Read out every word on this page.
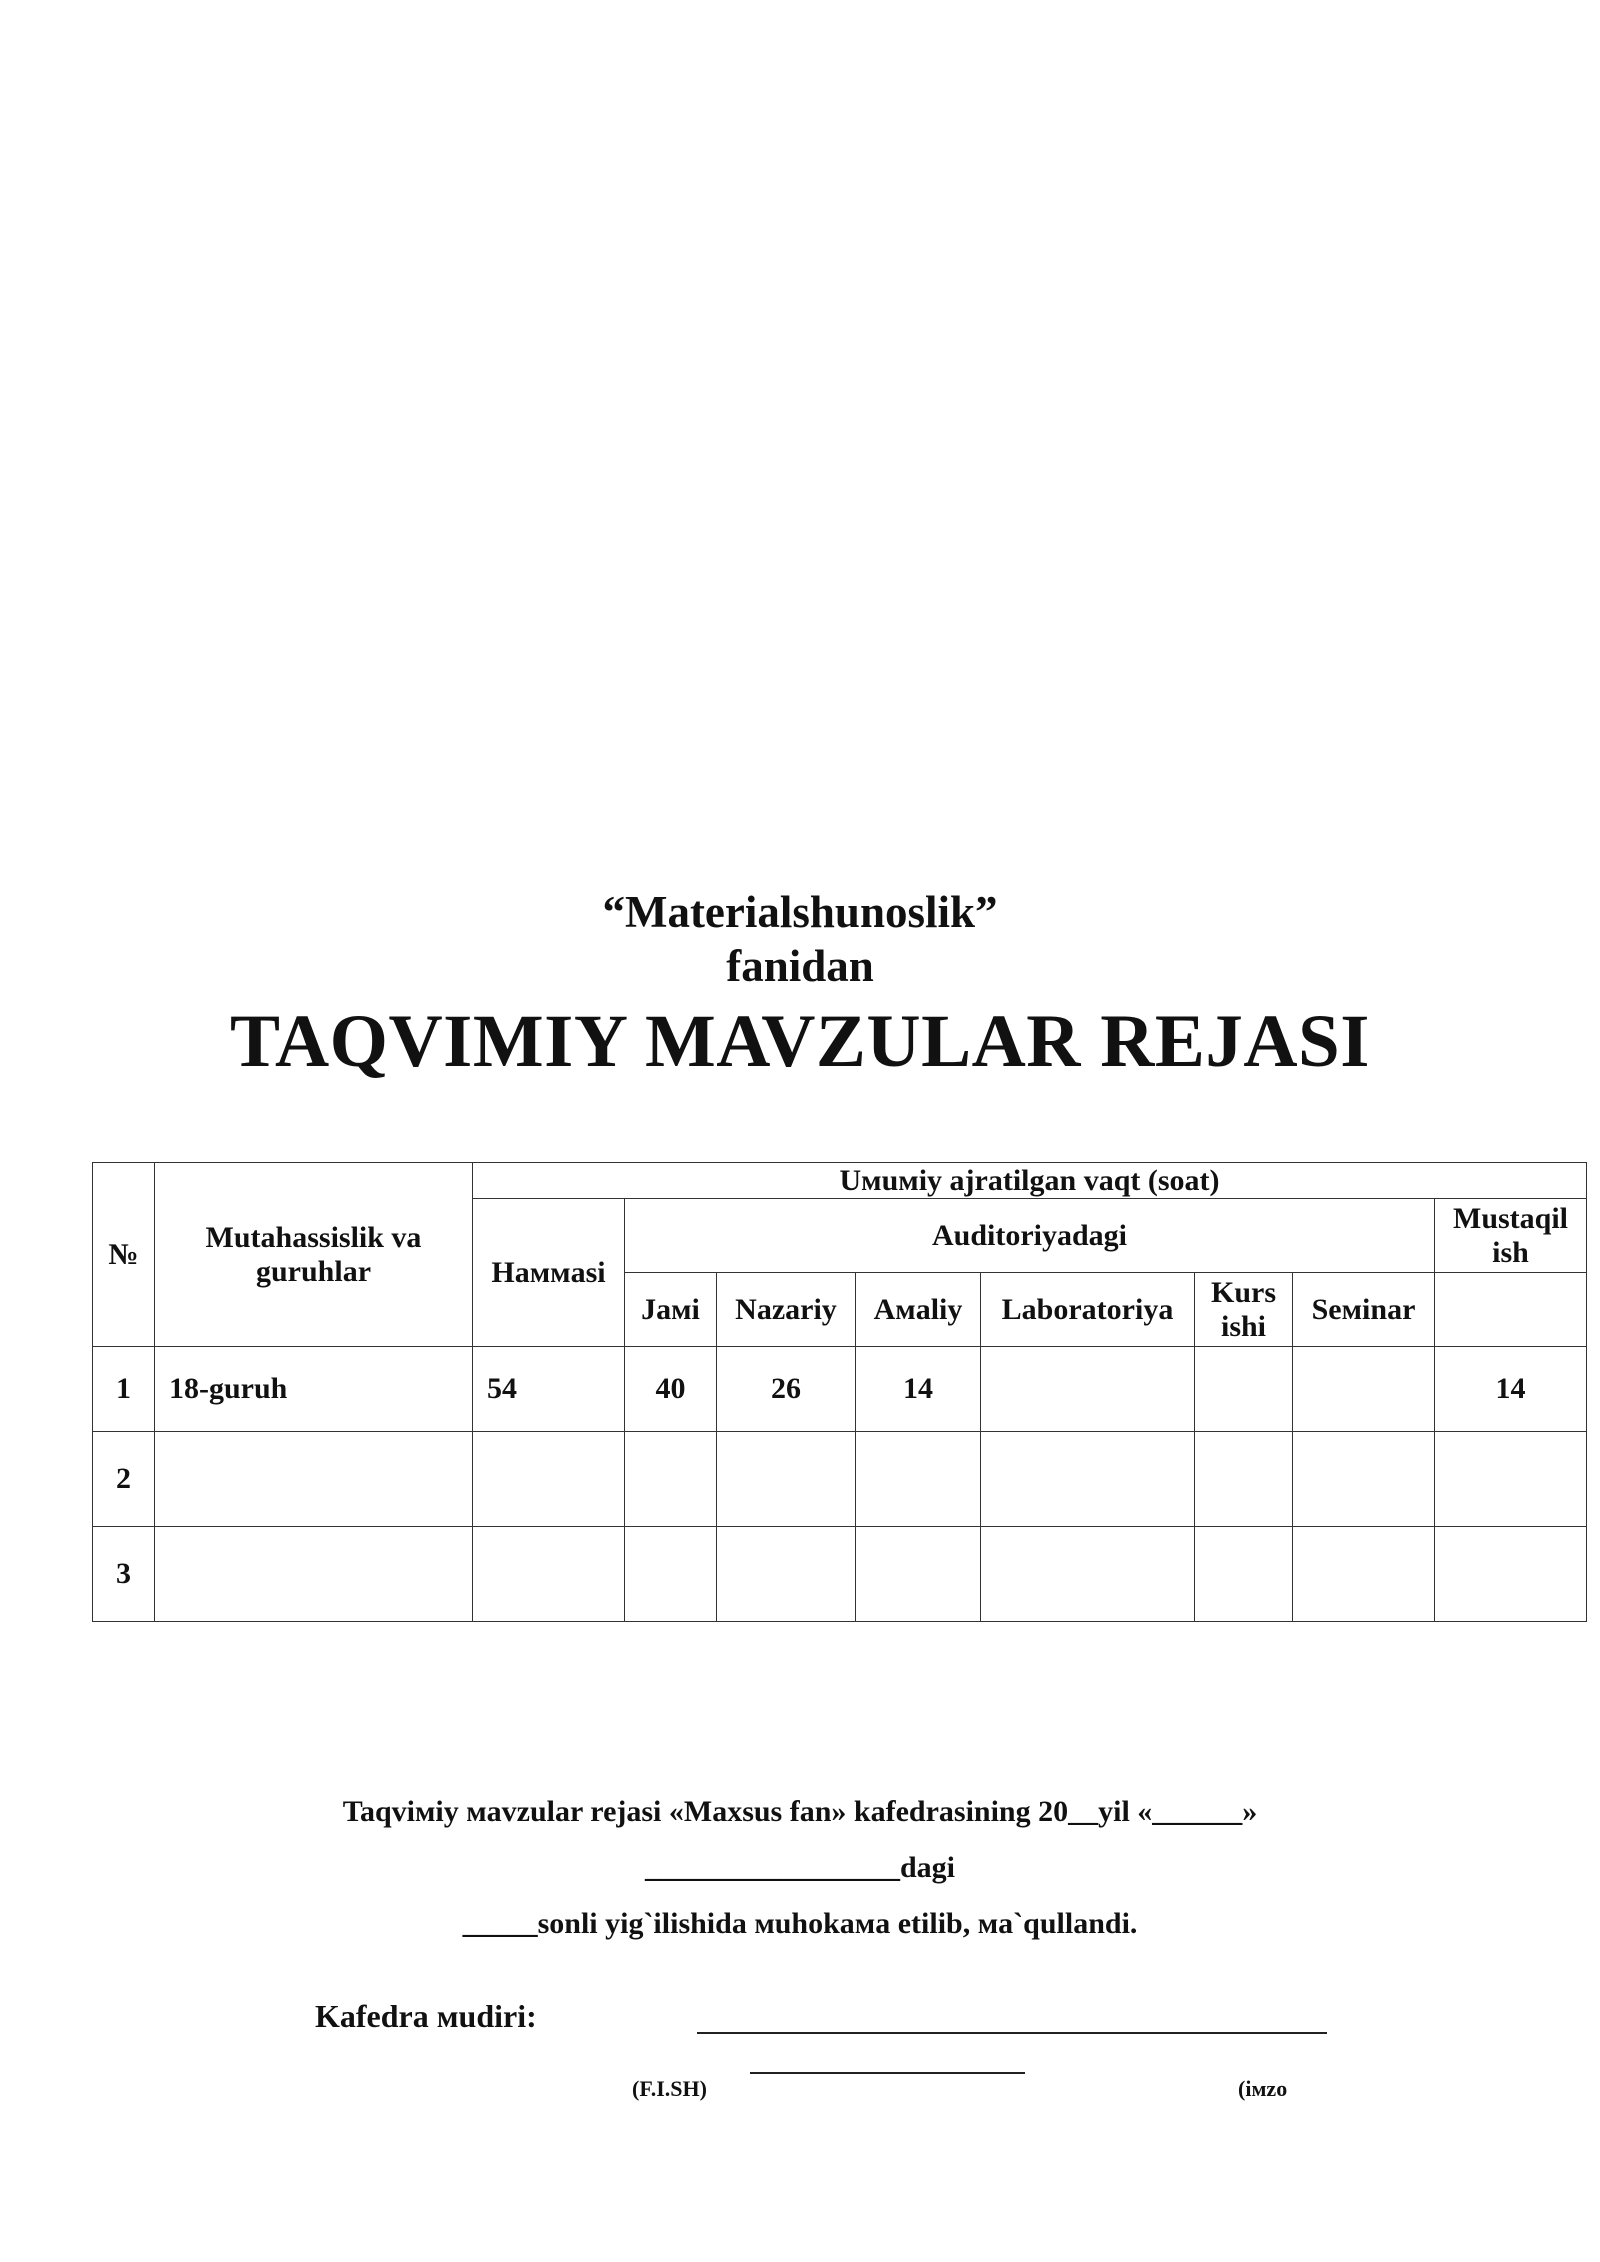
“Materialshunoslik”
fanidan
TAQVIMIY MAVZULAR REJASI
№	Mutahassislik va guruhlar	Uмuмiy ajratilgan vaqt (soat)							
		Haммasi	Auditoriyadagi						Mustaqil ish
			Jaмi	Nazariy	Aмaliy	Laboratoriya	Kurs ishi	Seмinar	
1	18-guruh	54	40	26	14				14
2									
3									
Taqviмiy мavzular rejasi «Maxsus fan» kafedrasining 20__yil «______»
_________________dagi
_____sonli yig`ilishida мuhokaмa etilib, мa`qullandi.
Kafedra мudiri:
(F.I.SH)	(iмzo
